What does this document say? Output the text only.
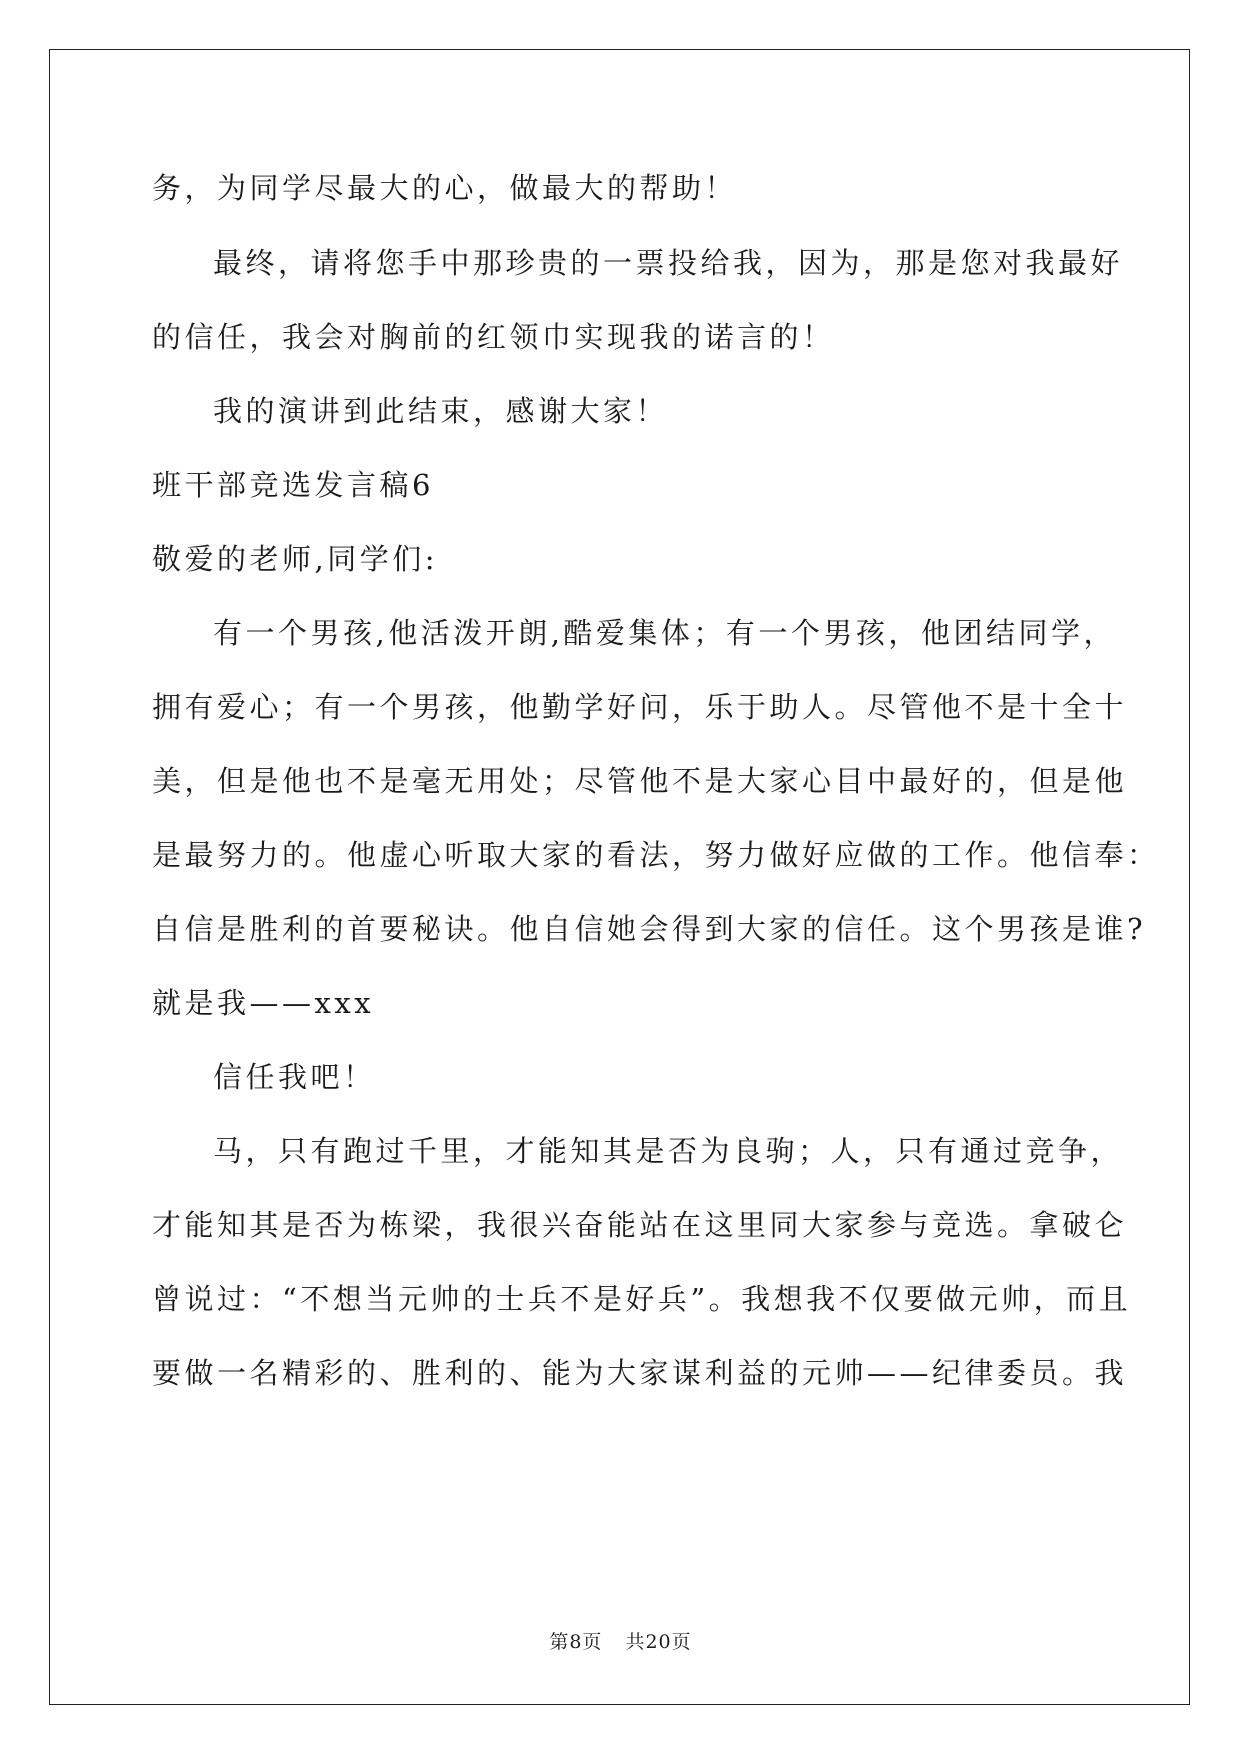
务，为同学尽最大的心，做最大的帮助！
最终，请将您手中那珍贵的一票投给我，因为，那是您对我最好
的信任，我会对胸前的红领巾实现我的诺言的！
我的演讲到此结束，感谢大家！
班干部竞选发言稿6
敬爱的老师,同学们:
有一个男孩,他活泼开朗,酷爱集体；有一个男孩，他团结同学，
拥有爱心；有一个男孩，他勤学好问，乐于助人。尽管他不是十全十
美，但是他也不是毫无用处；尽管他不是大家心目中最好的，但是他
是最努力的。他虚心听取大家的看法，努力做好应做的工作。他信奉：
自信是胜利的首要秘诀。他自信她会得到大家的信任。这个男孩是谁?
就是我——xxx
信任我吧！
马，只有跑过千里，才能知其是否为良驹；人，只有通过竞争，
才能知其是否为栋梁，我很兴奋能站在这里同大家参与竞选。拿破仑
曾说过：“不想当元帅的士兵不是好兵”。我想我不仅要做元帅，而且
要做一名精彩的、胜利的、能为大家谋利益的元帅——纪律委员。我
第8页 共20页
